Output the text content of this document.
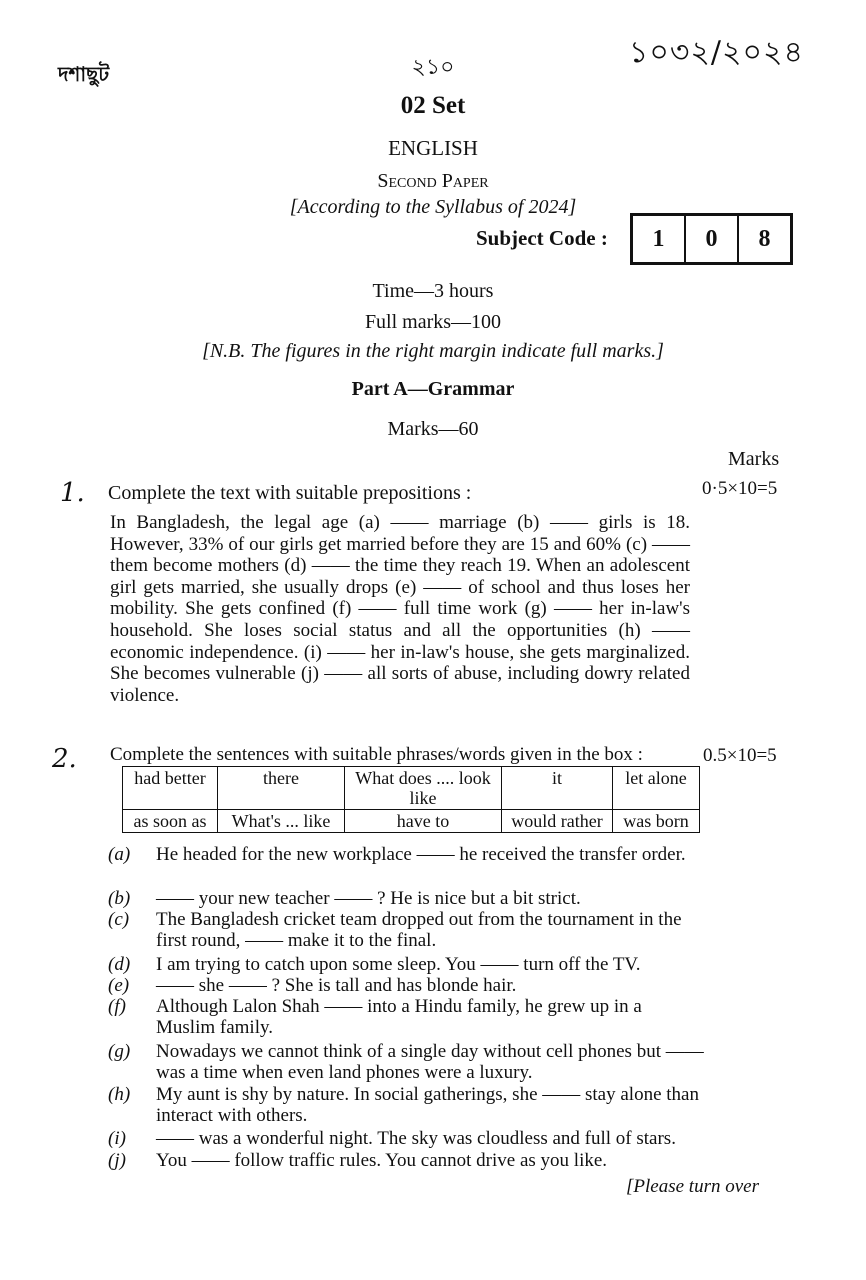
১০৩২/২০২৪
দশাছুট	২১০
02 Set
ENGLISH
Second Paper
[According to the Syllabus of 2024]
Subject Code :	1	0	8
Time—3 hours
Full marks—100
[N.B. The figures in the right margin indicate full marks.]
Part A—Grammar
Marks—60
Marks
1. Complete the text with suitable prepositions :	0·5×10=5
In Bangladesh, the legal age (a) —— marriage (b) —— girls is 18. However, 33% of our girls get married before they are 15 and 60% (c) —— them become mothers (d) —— the time they reach 19. When an adolescent girl gets married, she usually drops (e) —— of school and thus loses her mobility. She gets confined (f) —— full time work (g) —— her in-law's household. She loses social status and all the opportunities (h) —— economic independence. (i) —— her in-law's house, she gets marginalized. She becomes vulnerable (j) —— all sorts of abuse, including dowry related violence.
2. Complete the sentences with suitable phrases/words given in the box :	0.5×10=5
had better	there	What does .... look like	it	let alone
as soon as	What's ... like	have to	would rather	was born
(a) He headed for the new workplace —— he received the transfer order.
(b) —— your new teacher —— ? He is nice but a bit strict.
(c) The Bangladesh cricket team dropped out from the tournament in the first round, —— make it to the final.
(d) I am trying to catch upon some sleep. You —— turn off the TV.
(e) —— she —— ? She is tall and has blonde hair.
(f) Although Lalon Shah —— into a Hindu family, he grew up in a Muslim family.
(g) Nowadays we cannot think of a single day without cell phones but —— was a time when even land phones were a luxury.
(h) My aunt is shy by nature. In social gatherings, she —— stay alone than interact with others.
(i) —— was a wonderful night. The sky was cloudless and full of stars.
(j) You —— follow traffic rules. You cannot drive as you like.
[Please turn over
